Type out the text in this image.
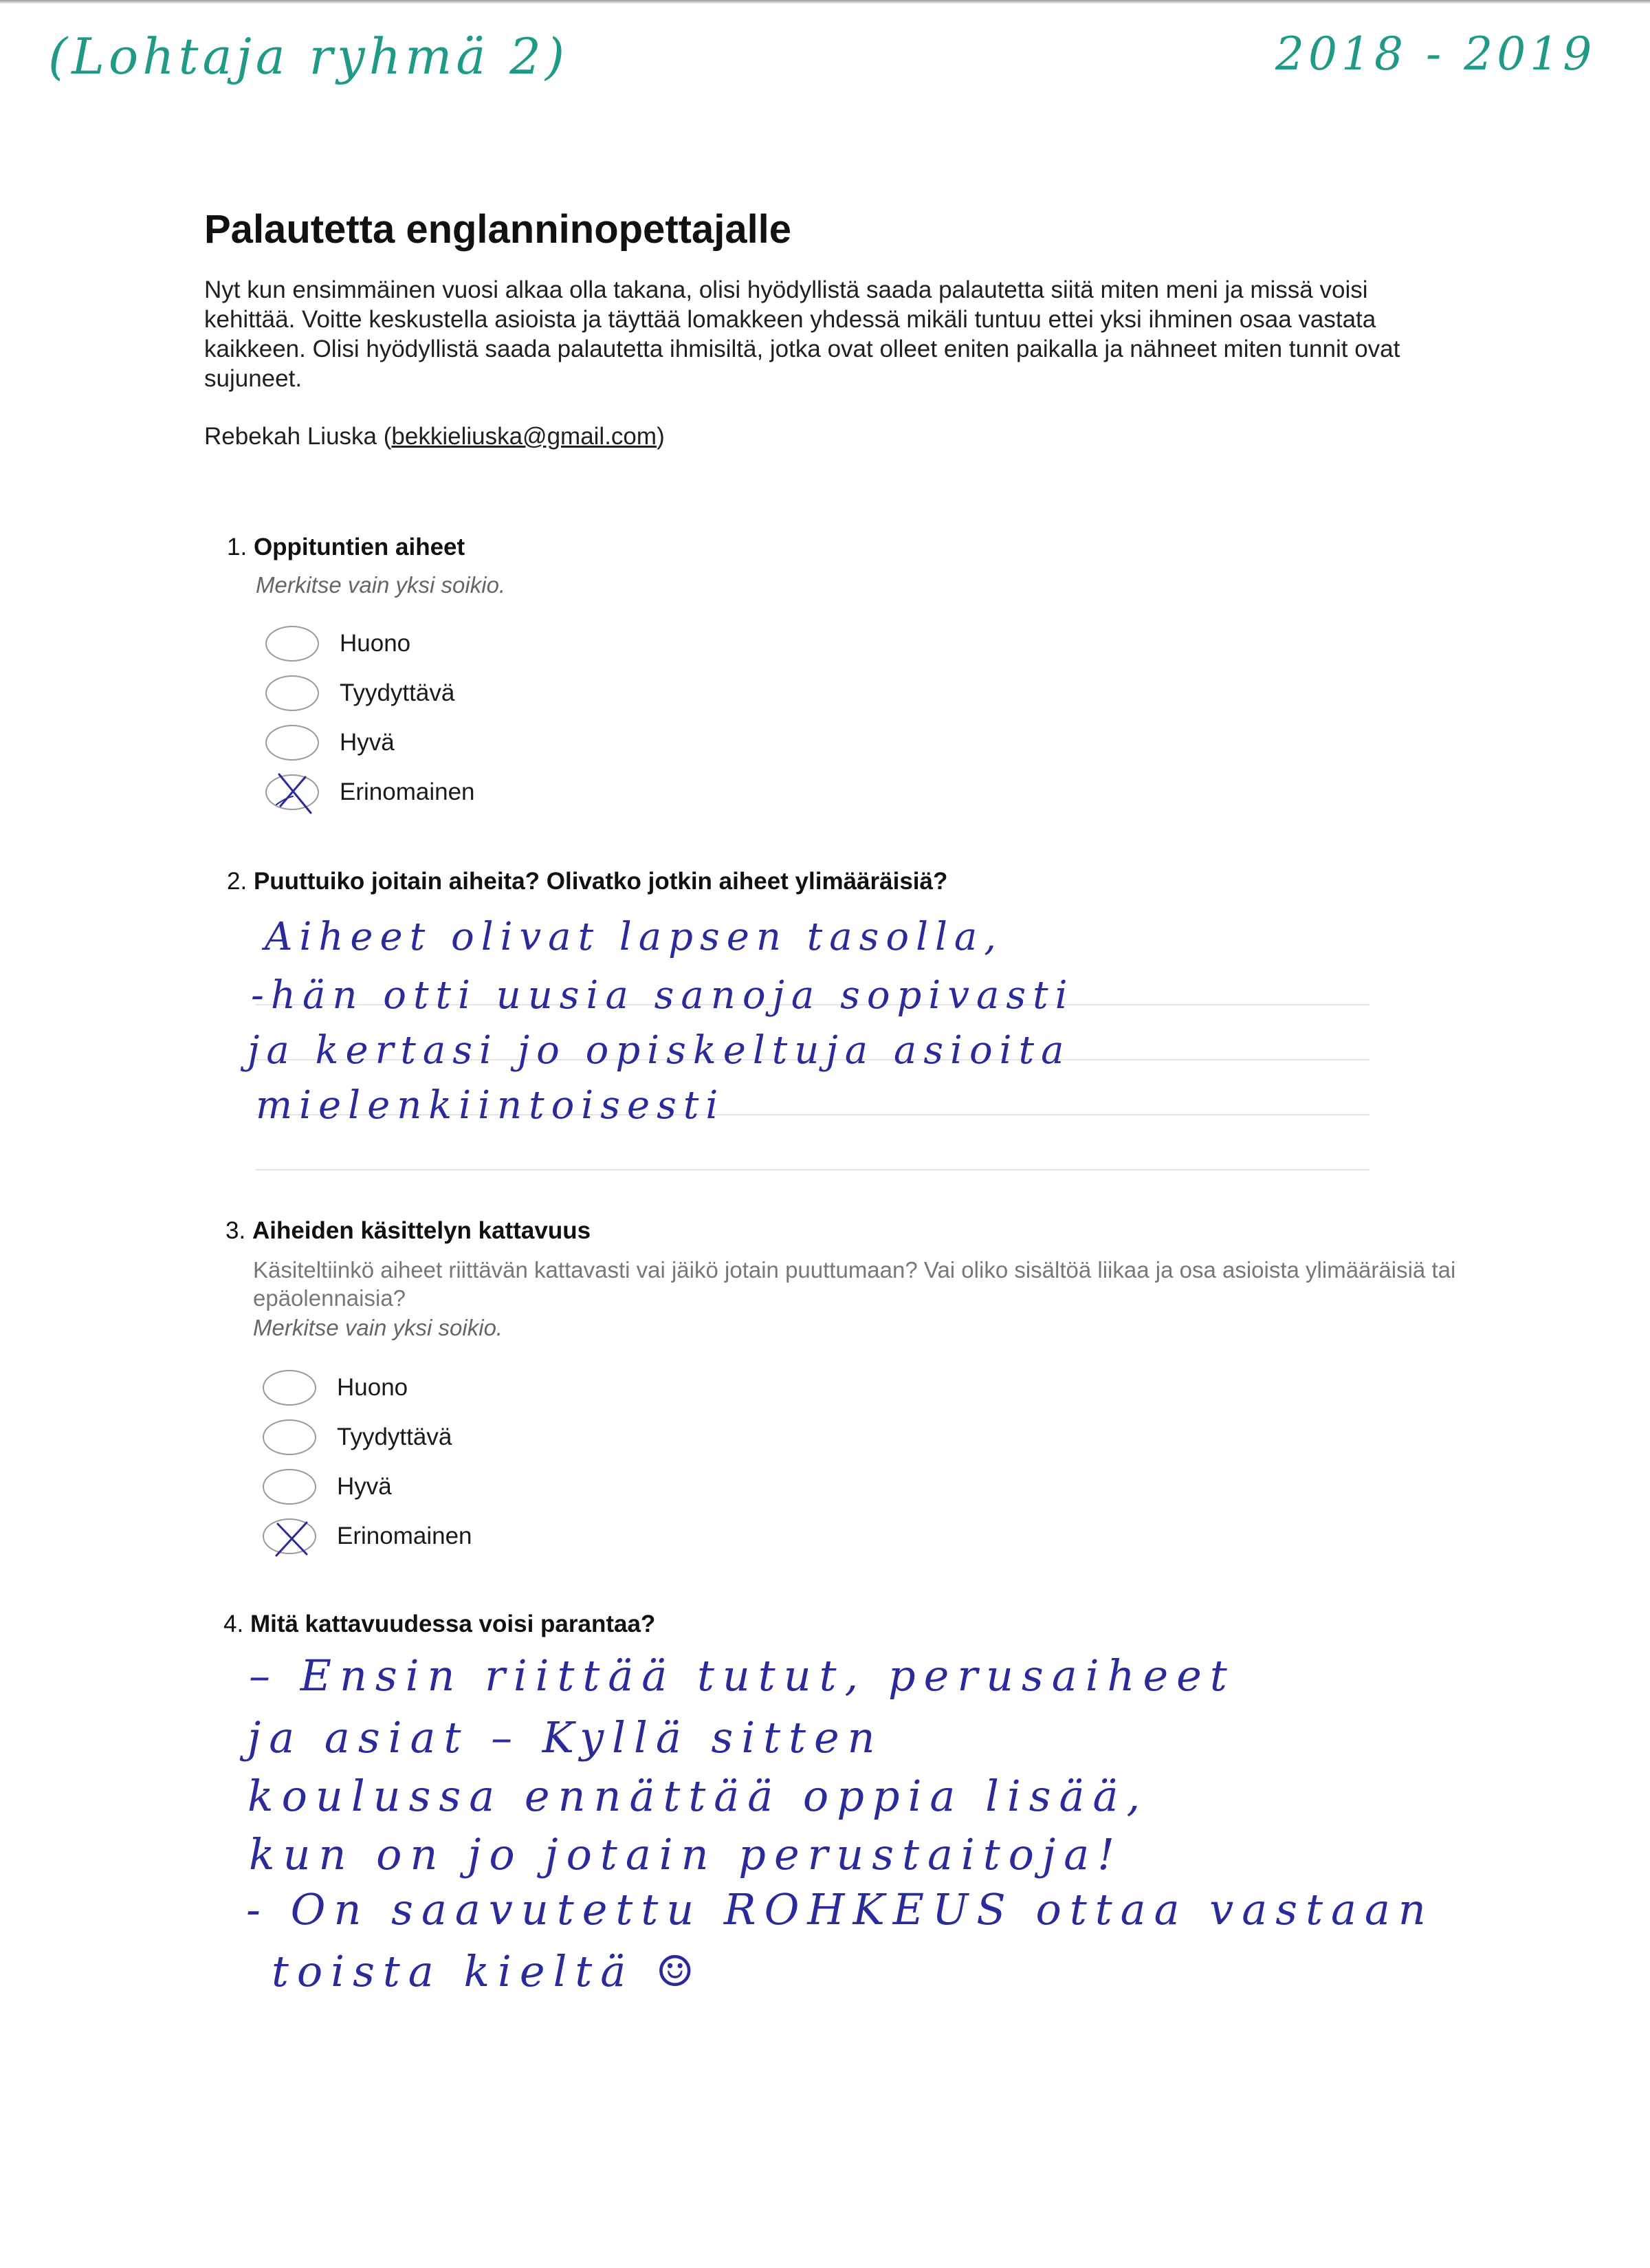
(Lohtaja ryhmä 2)	2018 - 2019
Palautetta englanninopettajalle
Nyt kun ensimmäinen vuosi alkaa olla takana, olisi hyödyllistä saada palautetta siitä miten meni ja missä voisi kehittää. Voitte keskustella asioista ja täyttää lomakkeen yhdessä mikäli tuntuu ettei yksi ihminen osaa vastata kaikkeen. Olisi hyödyllistä saada palautetta ihmisiltä, jotka ovat olleet eniten paikalla ja nähneet miten tunnit ovat sujuneet.
Rebekah Liuska (bekkieliuska@gmail.com)
1. Oppituntien aiheet
Merkitse vain yksi soikio.
Huono
Tyydyttävä
Hyvä
Erinomainen
2. Puuttuiko joitain aiheita? Olivatko jotkin aiheet ylimääräisiä?
Aiheet olivat lapsen tasolla,
-hän otti uusia sanoja sopivasti
ja kertasi jo opiskeltuja asioita
mielenkiintoisesti
3. Aiheiden käsittelyn kattavuus
Käsiteltiinkö aiheet riittävän kattavasti vai jäikö jotain puuttumaan? Vai oliko sisältöä liikaa ja osa asioista ylimääräisiä tai epäolennaisia?
Merkitse vain yksi soikio.
Huono
Tyydyttävä
Hyvä
Erinomainen
4. Mitä kattavuudessa voisi parantaa?
– Ensin riittää tutut, perusaiheet
ja asiat – Kyllä sitten
koulussa ennättää oppia lisää,
kun on jo jotain perustaitoja!
- On saavutettu ROHKEUS ottaa vastaan
toista kieltä ☺
